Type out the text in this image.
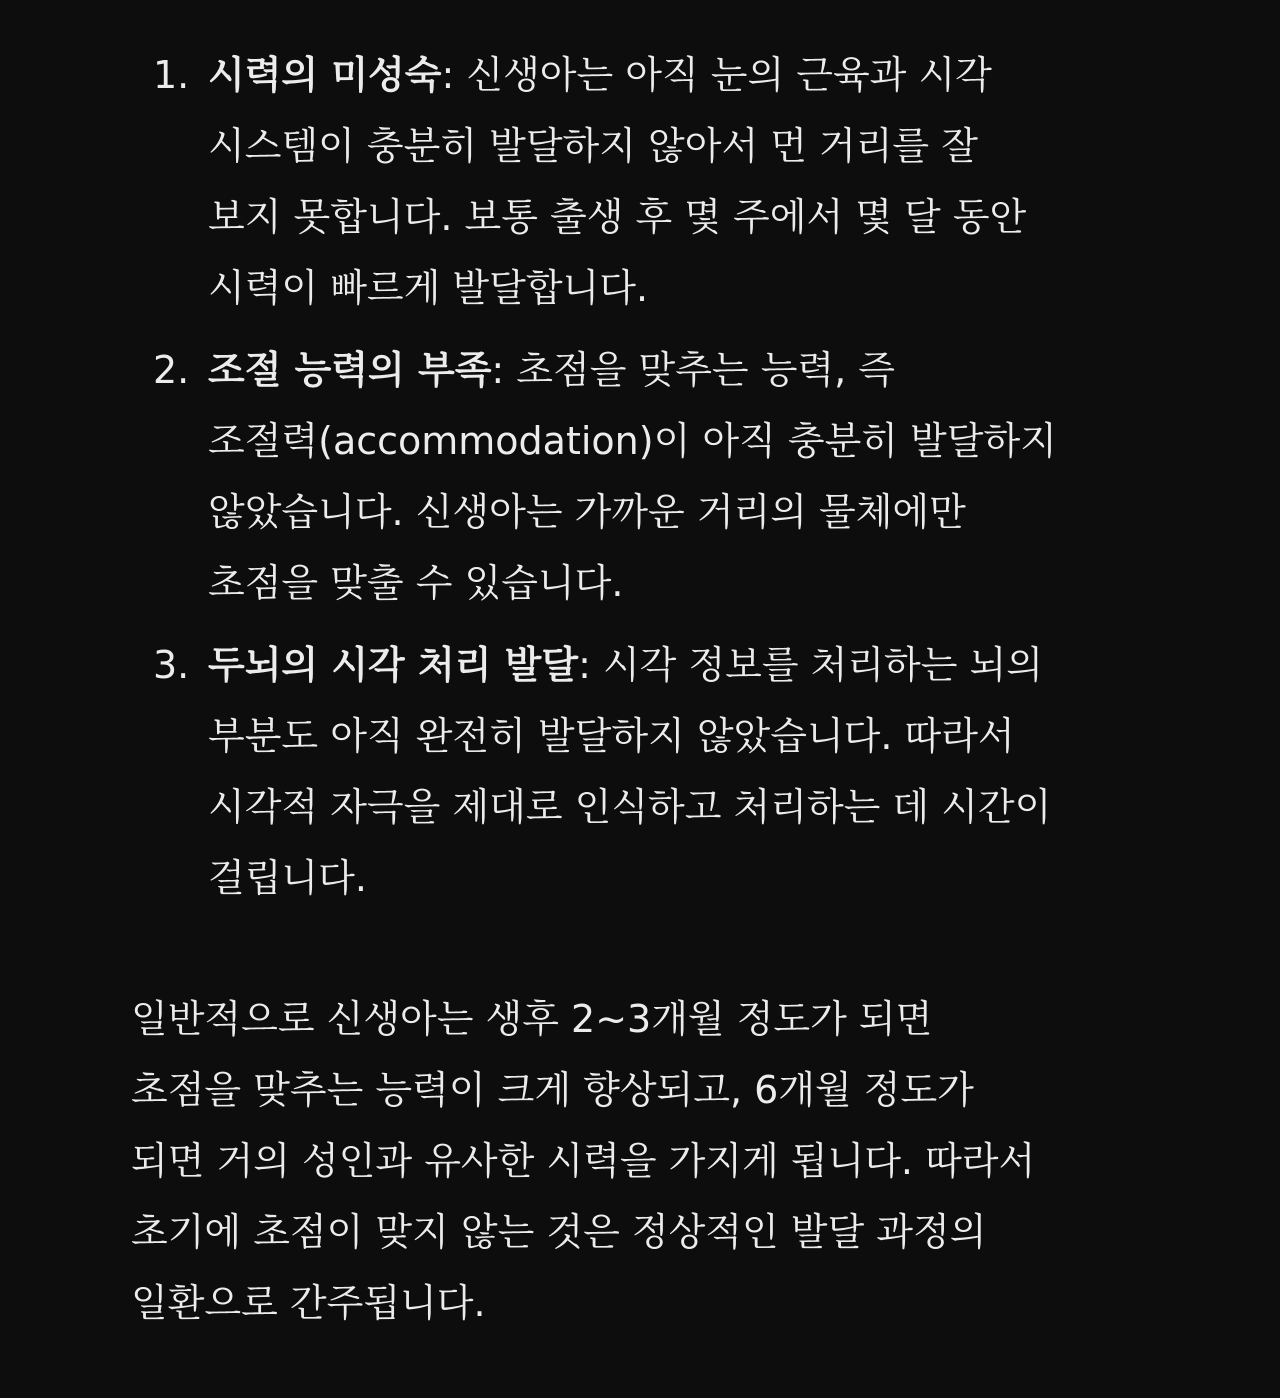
1. 시력의 미성숙: 신생아는 아직 눈의 근육과 시각
시스템이 충분히 발달하지 않아서 먼 거리를 잘
보지 못합니다. 보통 출생 후 몇 주에서 몇 달 동안
시력이 빠르게 발달합니다.
2. 조절 능력의 부족: 초점을 맞추는 능력, 즉
조절력(accommodation)이 아직 충분히 발달하지
않았습니다. 신생아는 가까운 거리의 물체에만
초점을 맞출 수 있습니다.
3. 두뇌의 시각 처리 발달: 시각 정보를 처리하는 뇌의
부분도 아직 완전히 발달하지 않았습니다. 따라서
시각적 자극을 제대로 인식하고 처리하는 데 시간이
걸립니다.

일반적으로 신생아는 생후 2~3개월 정도가 되면
초점을 맞추는 능력이 크게 향상되고, 6개월 정도가
되면 거의 성인과 유사한 시력을 가지게 됩니다. 따라서
초기에 초점이 맞지 않는 것은 정상적인 발달 과정의
일환으로 간주됩니다.
